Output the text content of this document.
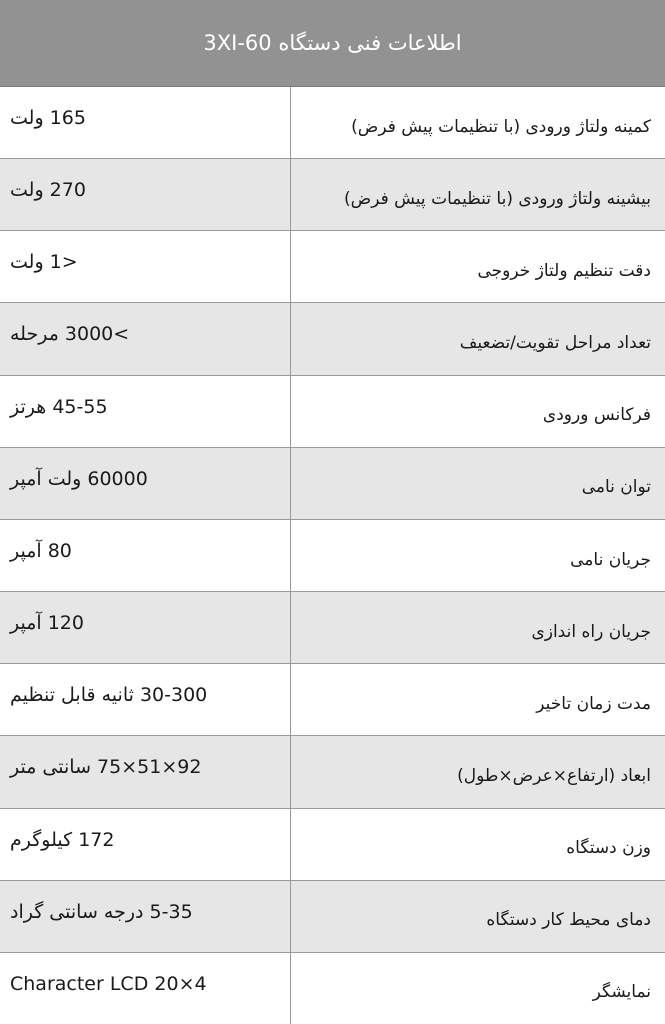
اطلاعات فنی دستگاه 3XI-60
165 ولت	کمینه ولتاژ ورودی (با تنظیمات پیش فرض)
270 ولت	بیشینه ولتاژ ورودی (با تنظیمات پیش فرض)
<1 ولت	دقت تنظیم ولتاژ خروجی
>3000 مرحله	تعداد مراحل تقویت/تضعیف
45-55 هرتز	فرکانس ورودی
60000 ولت آمپر	توان نامی
80 آمپر	جریان نامی
120 آمپر	جریان راه اندازی
30-300 ثانیه قابل تنظیم	مدت زمان تاخیر
92×51×75 سانتی متر	ابعاد (ارتفاع×عرض×طول)
172 کیلوگرم	وزن دستگاه
5-35 درجه سانتی گراد	دمای محیط کار دستگاه
4×20 Character LCD	نمایشگر
